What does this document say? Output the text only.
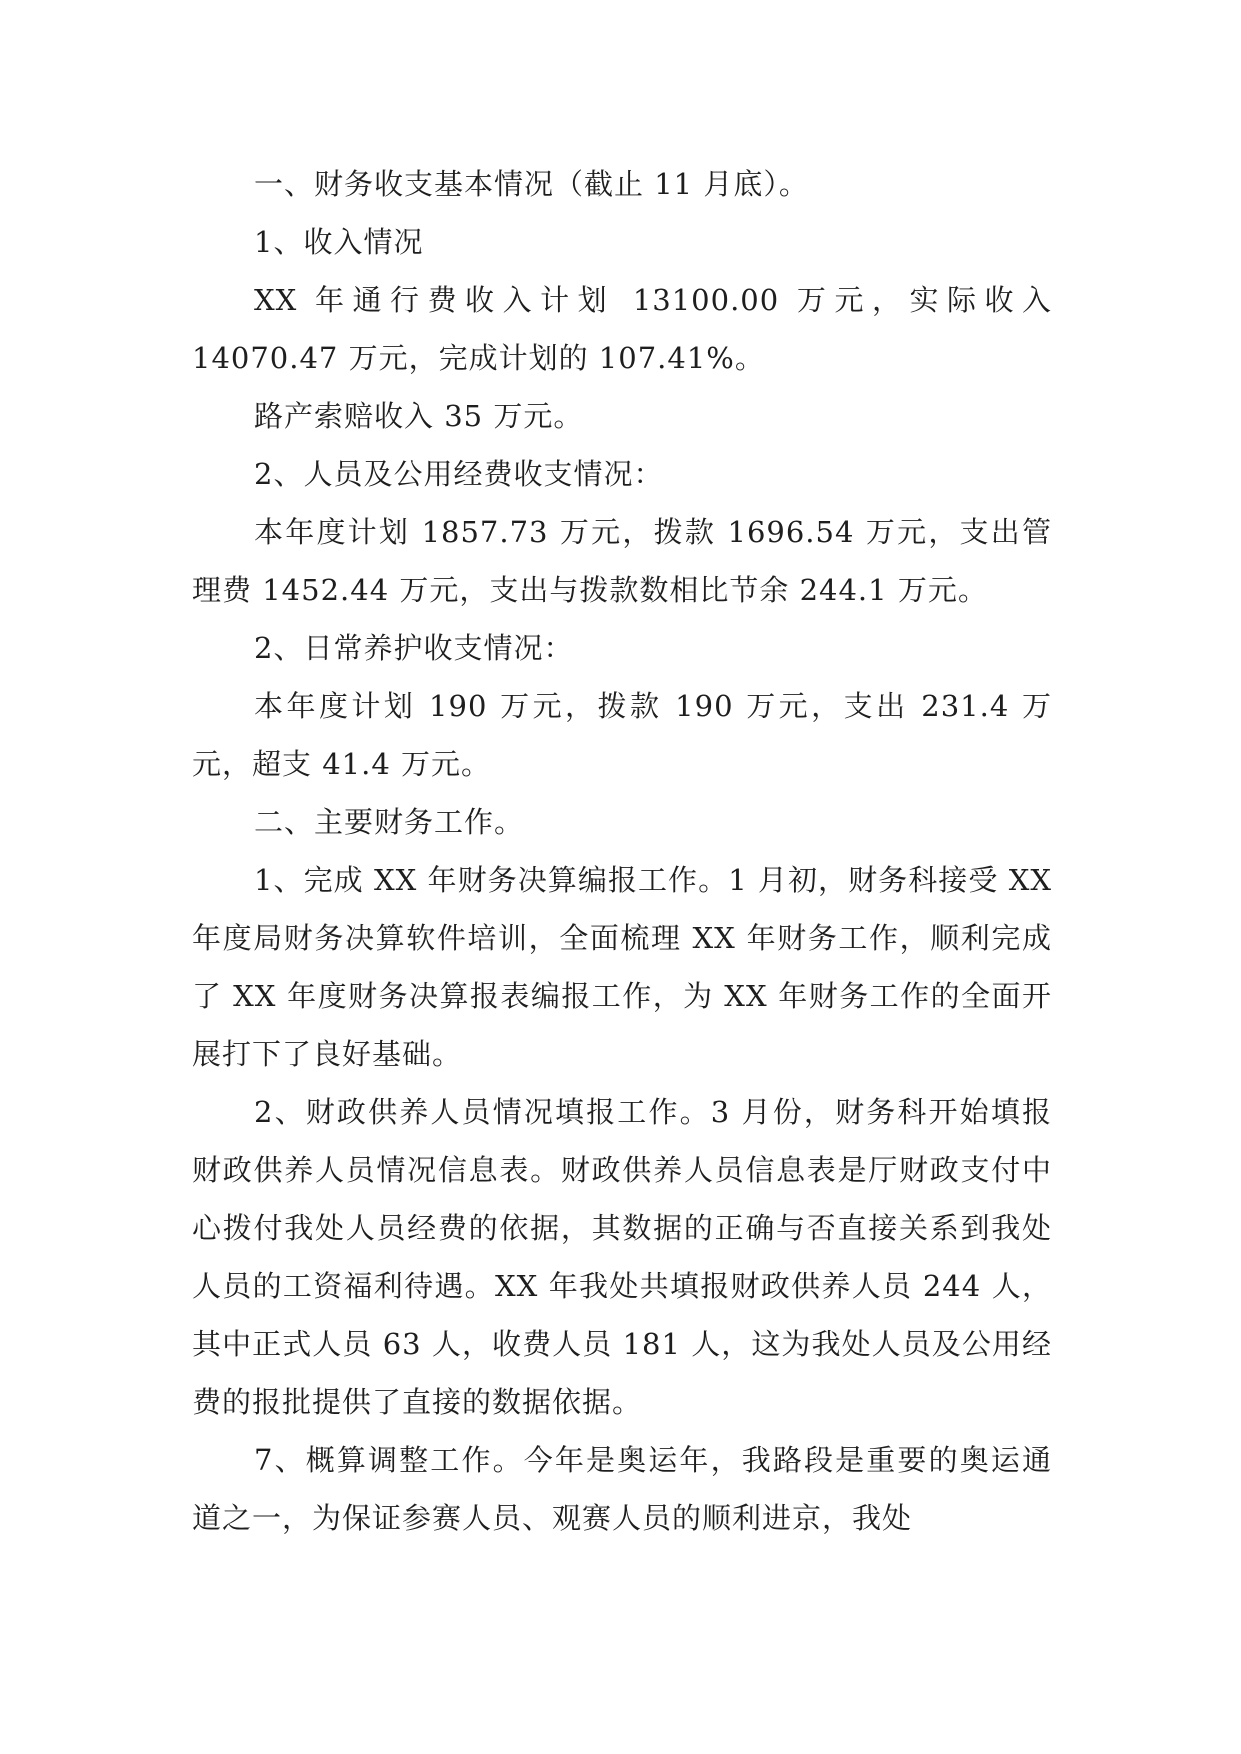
一、财务收支基本情况（截止 11 月底）。

1、收入情况

XX 年通行费收入计划 13100.00 万元，实际收入 14070.47 万元，完成计划的 107.41%。

路产索赔收入 35 万元。

2、人员及公用经费收支情况：

本年度计划 1857.73 万元，拨款 1696.54 万元，支出管理费 1452.44 万元，支出与拨款数相比节余 244.1 万元。

2、日常养护收支情况：

本年度计划 190 万元，拨款 190 万元，支出 231.4 万元，超支 41.4 万元。

二、主要财务工作。

1、完成 XX 年财务决算编报工作。1 月初，财务科接受 XX 年度局财务决算软件培训，全面梳理 XX 年财务工作，顺利完成了 XX 年度财务决算报表编报工作，为 XX 年财务工作的全面开展打下了良好基础。

2、财政供养人员情况填报工作。3 月份，财务科开始填报财政供养人员情况信息表。财政供养人员信息表是厅财政支付中心拨付我处人员经费的依据，其数据的正确与否直接关系到我处人员的工资福利待遇。XX 年我处共填报财政供养人员 244 人，其中正式人员 63 人，收费人员 181 人，这为我处人员及公用经费的报批提供了直接的数据依据。

7、概算调整工作。今年是奥运年，我路段是重要的奥运通道之一，为保证参赛人员、观赛人员的顺利进京，我处
